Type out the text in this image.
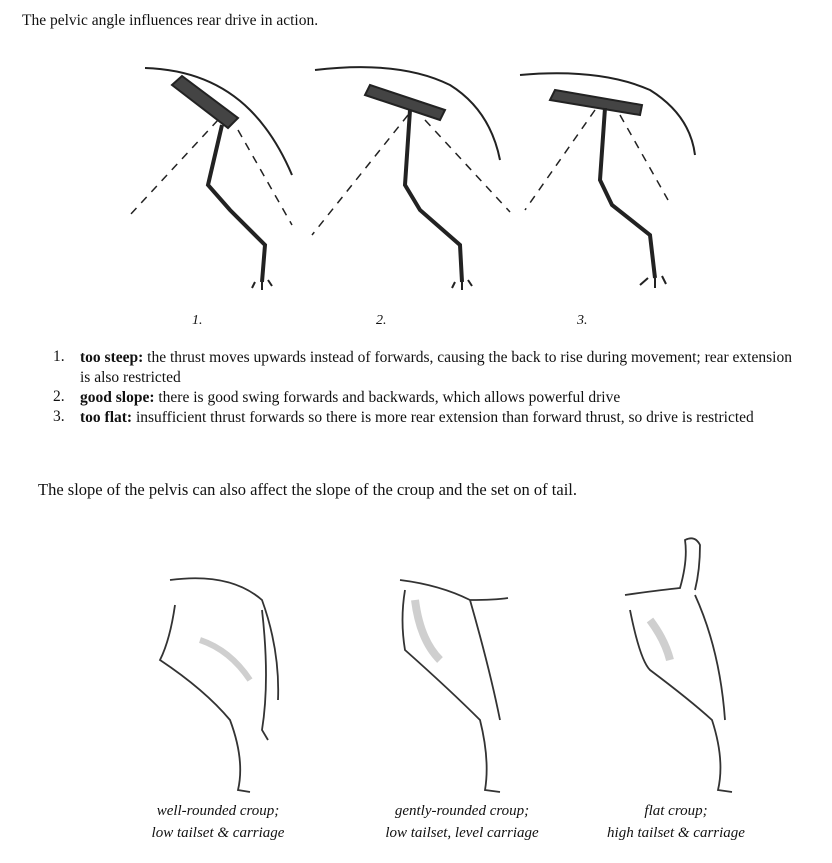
The pelvic angle influences rear drive in action.
1.	2.	3.
1. too steep: the thrust moves upwards instead of forwards, causing the back to rise during movement; rear extension is also restricted
2. good slope: there is good swing forwards and backwards, which allows powerful drive
3. too flat: insufficient thrust forwards so there is more rear extension than forward thrust, so drive is restricted
The slope of the pelvis can also affect the slope of the croup and the set on of tail.
well-rounded croup;
low tailset & carriage
gently-rounded croup;
low tailset, level carriage
flat croup;
high tailset & carriage
